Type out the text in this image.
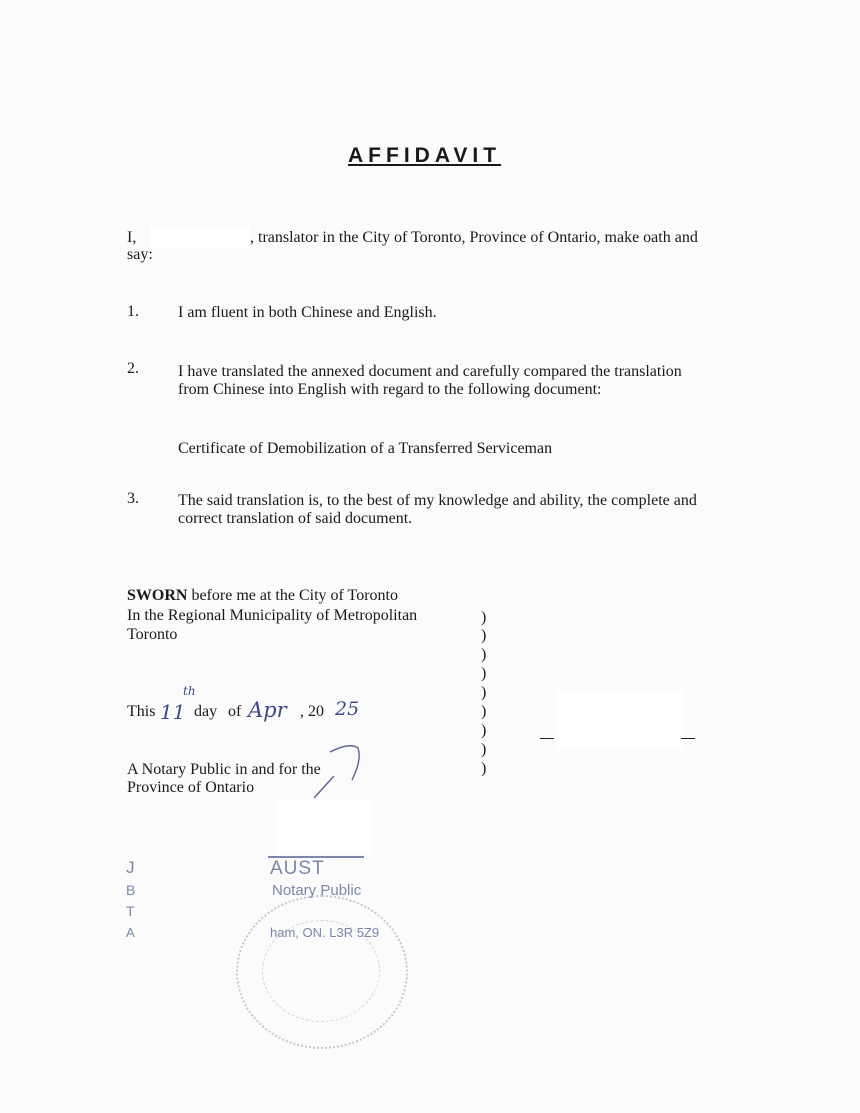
AFFIDAVIT
I,	, translator in the City of Toronto, Province of Ontario, make oath and
say:
1. I am fluent in both Chinese and English.
2. I have translated the annexed document and carefully compared the translation
from Chinese into English with regard to the following document:
Certificate of Demobilization of a Transferred Serviceman
3. The said translation is, to the best of my knowledge and ability, the complete and
correct translation of said document.
SWORN before me at the City of Toronto
In the Regional Municipality of Metropolitan
Toronto
This 11
th
day of Apr , 20 25
A Notary Public in and for the
Province of Ontario
)
)
)
)
)
)
)
)
)
J
B
T
A
AUST
Notary Public
ham, ON. L3R 5Z9
